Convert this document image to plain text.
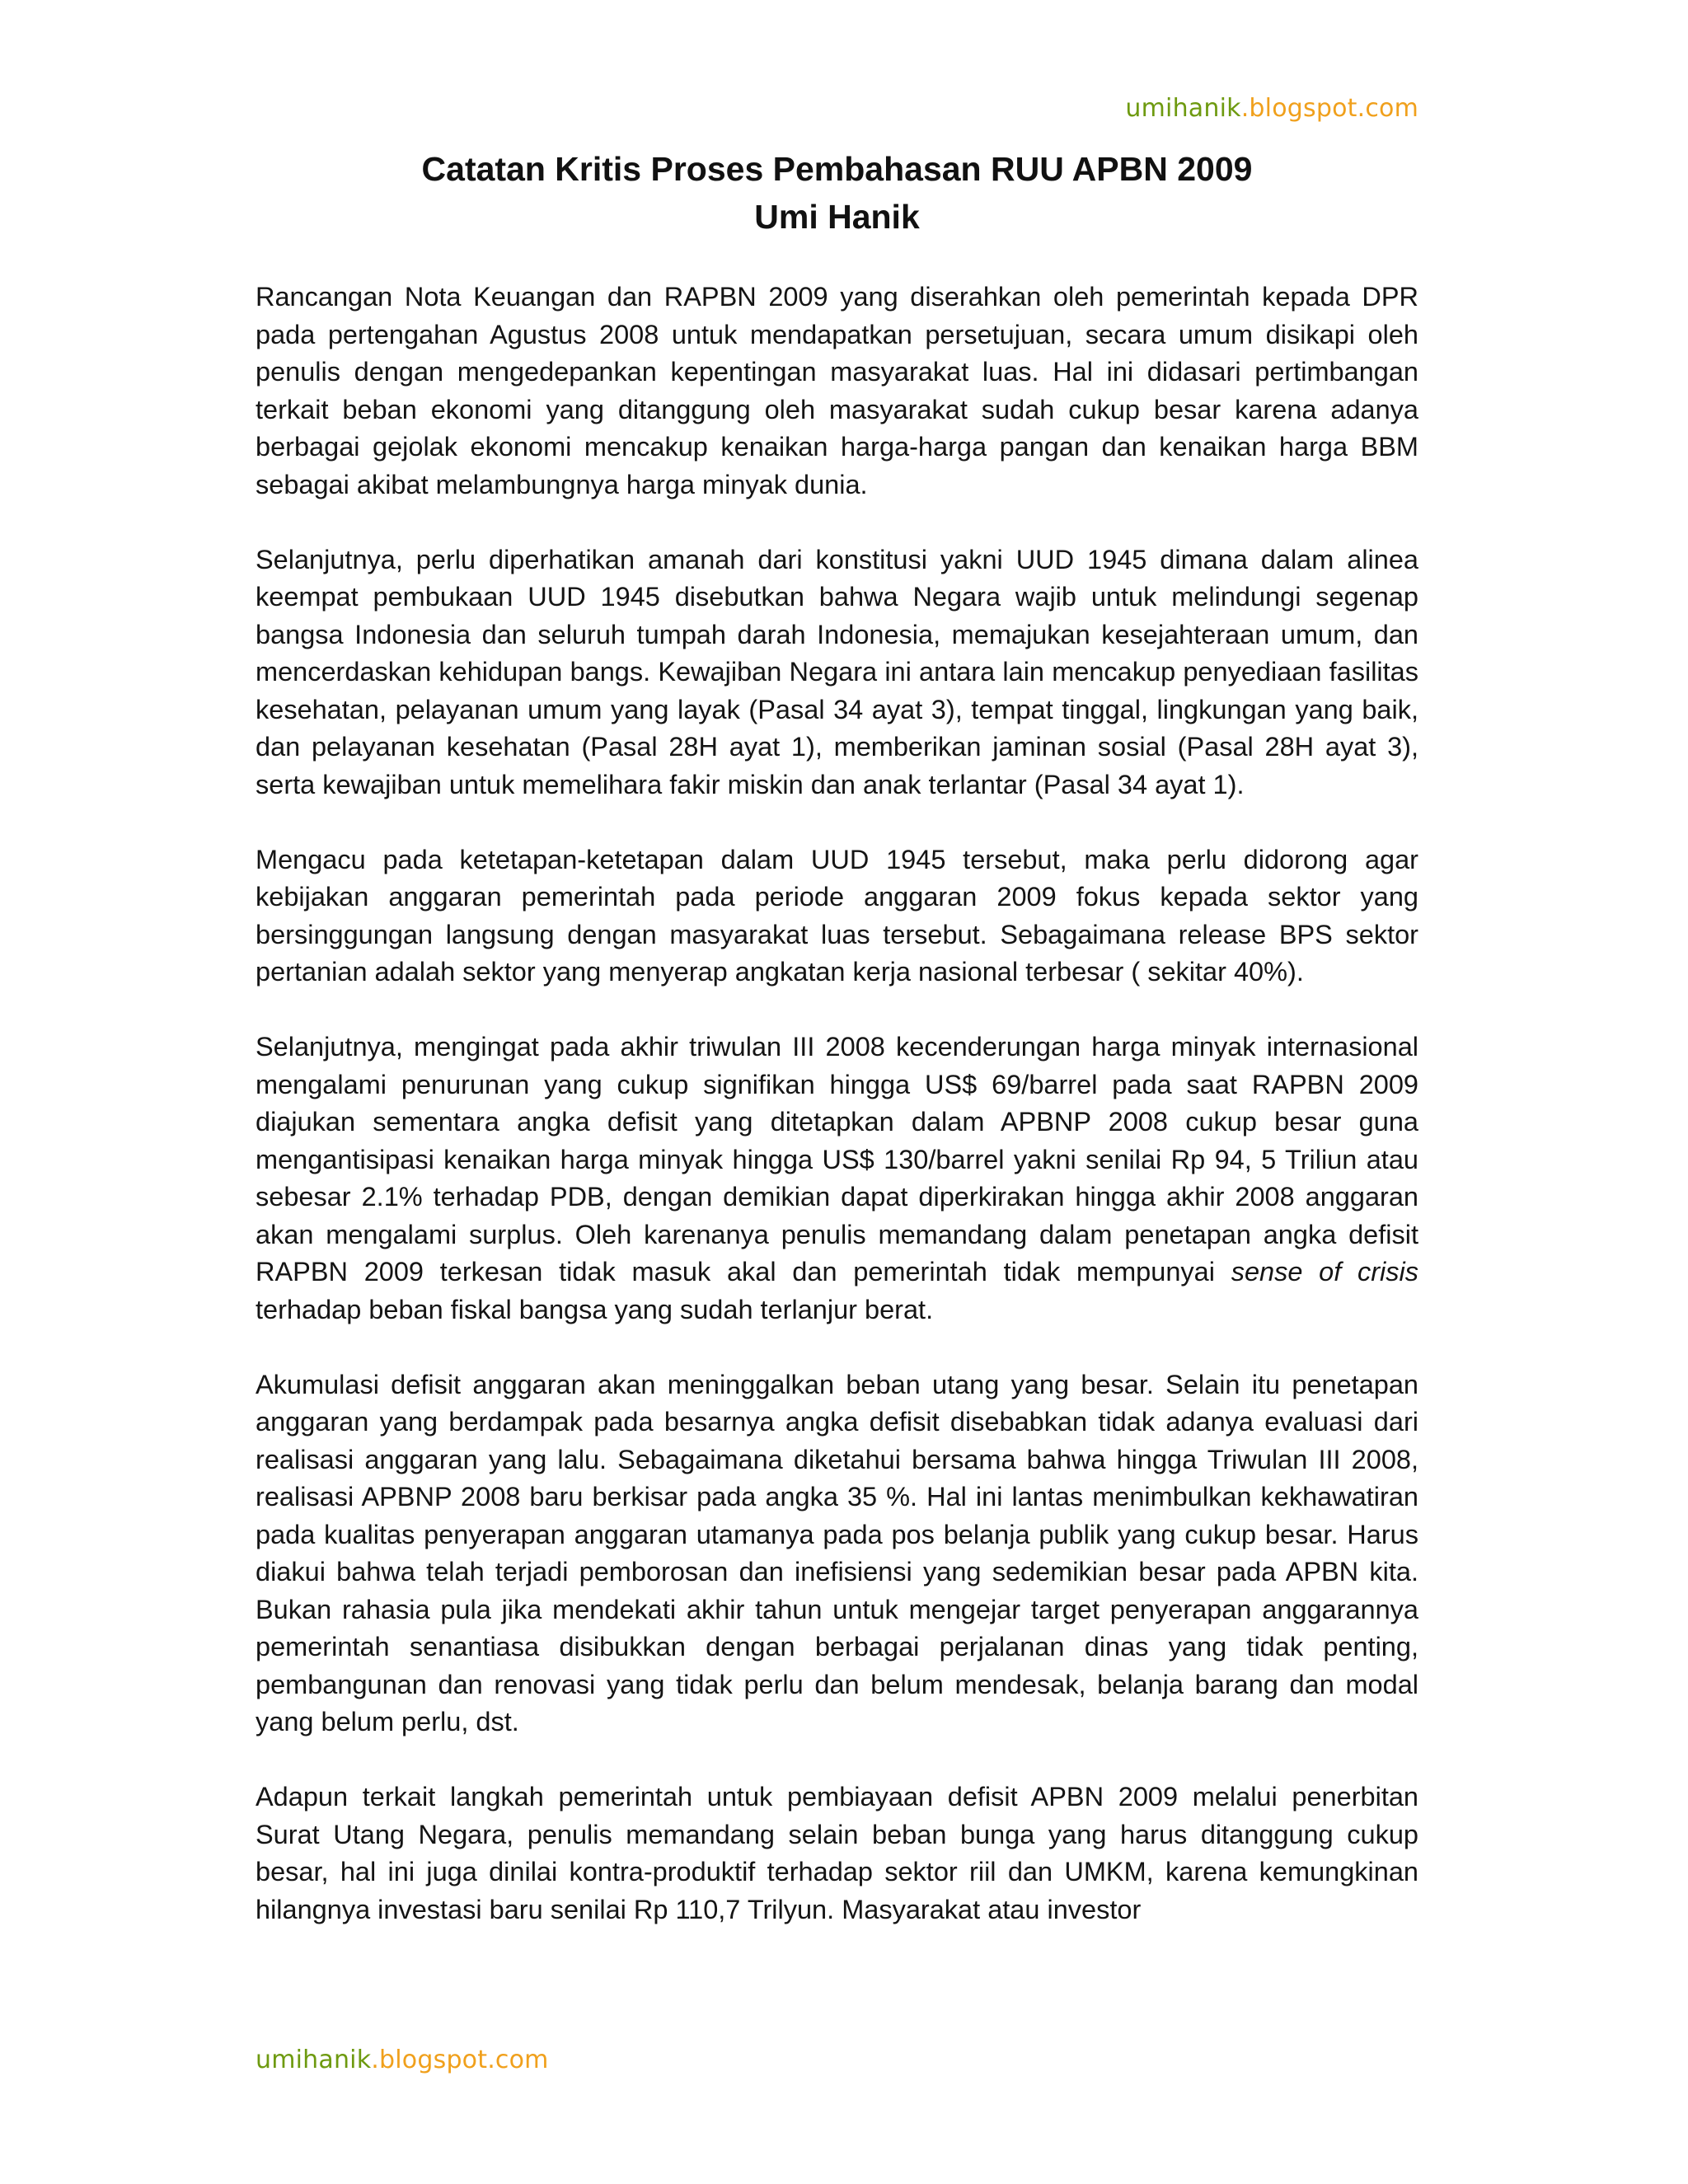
umihanik.blogspot.com
Catatan Kritis Proses Pembahasan RUU APBN 2009
Umi Hanik

Rancangan Nota Keuangan dan RAPBN 2009 yang diserahkan oleh pemerintah kepada DPR pada pertengahan Agustus 2008 untuk mendapatkan persetujuan, secara umum disikapi oleh penulis dengan mengedepankan kepentingan masyarakat luas. Hal ini didasari pertimbangan terkait beban ekonomi yang ditanggung oleh masyarakat sudah cukup besar karena adanya berbagai gejolak ekonomi mencakup kenaikan harga-harga pangan dan kenaikan harga BBM sebagai akibat melambungnya harga minyak dunia.

Selanjutnya, perlu diperhatikan amanah dari konstitusi yakni UUD 1945 dimana dalam alinea keempat pembukaan UUD 1945 disebutkan bahwa Negara wajib untuk melindungi segenap bangsa Indonesia dan seluruh tumpah darah Indonesia, memajukan kesejahteraan umum, dan mencerdaskan kehidupan bangs. Kewajiban Negara ini antara lain mencakup penyediaan fasilitas kesehatan, pelayanan umum yang layak (Pasal 34 ayat 3), tempat tinggal, lingkungan yang baik, dan pelayanan kesehatan (Pasal 28H ayat 1), memberikan jaminan sosial (Pasal 28H ayat 3), serta kewajiban untuk memelihara fakir miskin dan anak terlantar (Pasal 34 ayat 1).

Mengacu pada ketetapan-ketetapan dalam UUD 1945 tersebut, maka perlu didorong agar kebijakan anggaran pemerintah pada periode anggaran 2009 fokus kepada sektor yang bersinggungan langsung dengan masyarakat luas tersebut. Sebagaimana release BPS sektor pertanian adalah sektor yang menyerap angkatan kerja nasional terbesar ( sekitar 40%).

Selanjutnya, mengingat pada akhir triwulan III 2008 kecenderungan harga minyak internasional mengalami penurunan yang cukup signifikan hingga US$ 69/barrel pada saat RAPBN 2009 diajukan sementara angka defisit yang ditetapkan dalam APBNP 2008 cukup besar guna mengantisipasi kenaikan harga minyak hingga US$ 130/barrel yakni senilai Rp 94, 5 Triliun atau sebesar 2.1% terhadap PDB, dengan demikian dapat diperkirakan hingga akhir 2008 anggaran akan mengalami surplus. Oleh karenanya penulis memandang dalam penetapan angka defisit RAPBN 2009 terkesan tidak masuk akal dan pemerintah tidak mempunyai sense of crisis terhadap beban fiskal bangsa yang sudah terlanjur berat.

Akumulasi defisit anggaran akan meninggalkan beban utang yang besar. Selain itu penetapan anggaran yang berdampak pada besarnya angka defisit disebabkan tidak adanya evaluasi dari realisasi anggaran yang lalu. Sebagaimana diketahui bersama bahwa hingga Triwulan III 2008, realisasi APBNP 2008 baru berkisar pada angka 35 %. Hal ini lantas menimbulkan kekhawatiran pada kualitas penyerapan anggaran utamanya pada pos belanja publik yang cukup besar. Harus diakui bahwa telah terjadi pemborosan dan inefisiensi yang sedemikian besar pada APBN kita. Bukan rahasia pula jika mendekati akhir tahun untuk mengejar target penyerapan anggarannya pemerintah senantiasa disibukkan dengan berbagai perjalanan dinas yang tidak penting, pembangunan dan renovasi yang tidak perlu dan belum mendesak, belanja barang dan modal yang belum perlu, dst.

Adapun terkait langkah pemerintah untuk pembiayaan defisit APBN 2009 melalui penerbitan Surat Utang Negara, penulis memandang selain beban bunga yang harus ditanggung cukup besar, hal ini juga dinilai kontra-produktif terhadap sektor riil dan UMKM, karena kemungkinan hilangnya investasi baru senilai Rp 110,7 Trilyun. Masyarakat atau investor

umihanik.blogspot.com
